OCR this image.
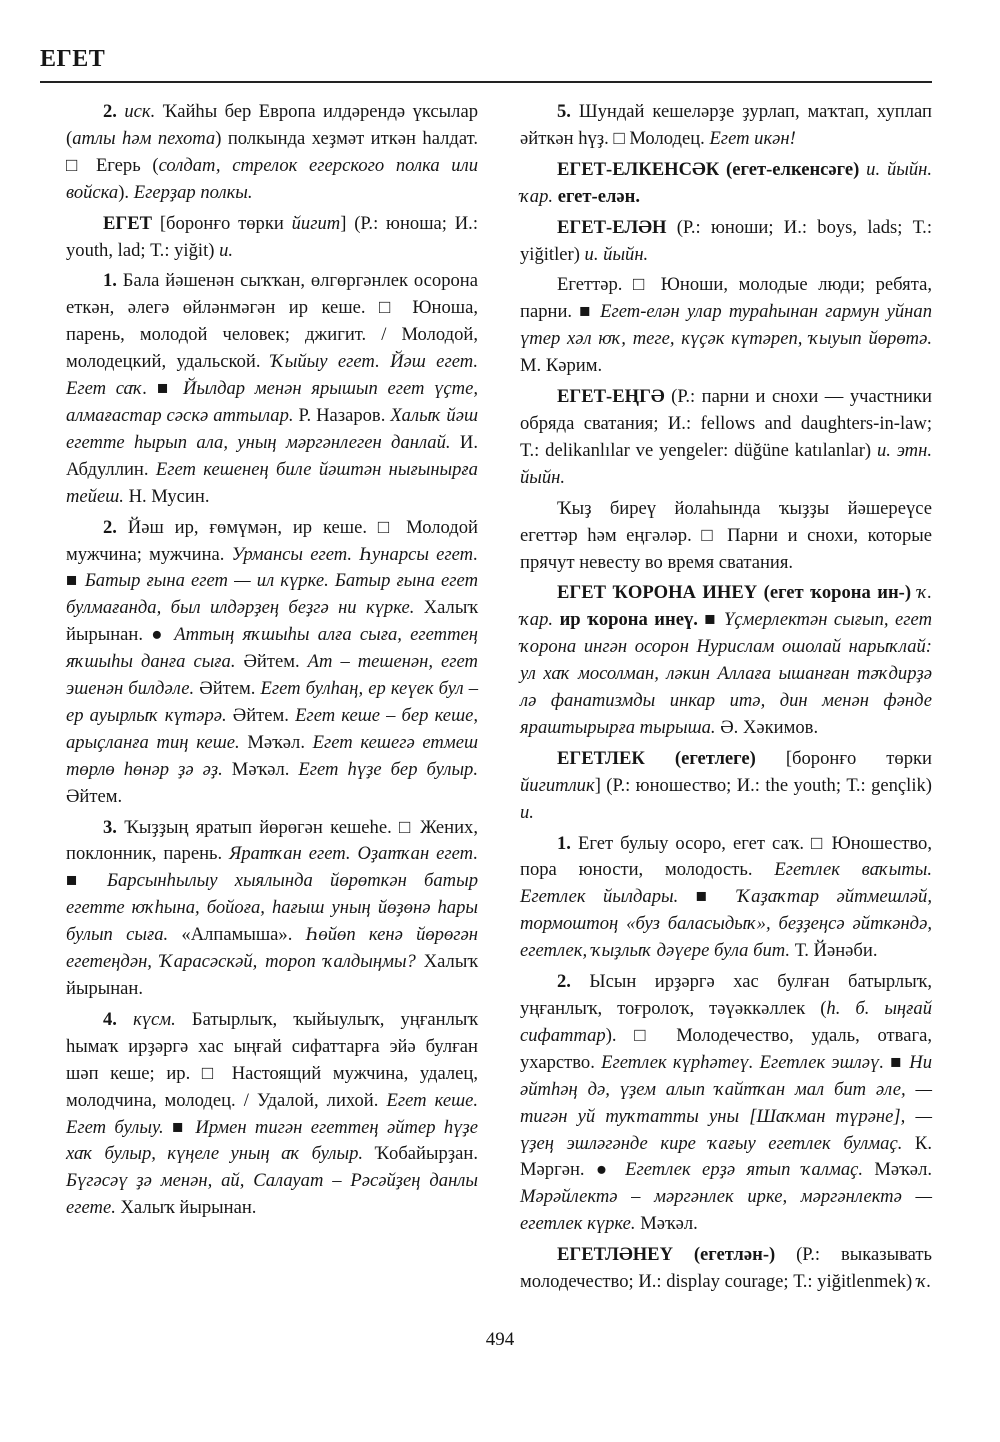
ЕГЕТ

2. иск. Ҡайһы бер Европа илдәрендә үксылар (атлы һәм пехота) полкында хеҙмәт иткән һалдат. □ Егерь (солдат, стрелок егерского полка или войска). Егерҙар полкы.

ЕГЕТ [боронғо төрки йигит] (Р.: юноша; И.: youth, lad; Т.: yiğit) и.

1. Бала йәшенән сыҡҡан, өлгөргәнлек осорона еткән, әлегә өйләнмәгән ир кеше. □ Юноша, парень, молодой человек; джигит. / Молодой, молодецкий, удальской. Ҡыйыу егет. Йәш егет. Егет саҡ. ■ Йылдар менән ярышып егет үҫте, алмағастар сәскә аттылар. Р. Назаров. Халыҡ йәш егетте һырып ала, уның мәргәнлеген данлай. И. Абдуллин. Егет кешенең биле йәштән нығынырға тейеш. Н. Мусин.

2. Йәш ир, ғөмүмән, ир кеше. □ Молодой мужчина; мужчина. Урмансы егет. Һунарсы егет. ■ Батыр ғына егет — ил күрке. Батыр ғына егет булмағанда, был илдәрҙең беҙгә ни күрке. Халыҡ йырынан. ● Аттың яҡшыһы алға сыға, егеттең яҡшыһы данға сыға. Әйтем. Ат – тешенән, егет эшенән билдәле. Әйтем. Егет булһаң, ер кеүек бул – ер ауырлыҡ күтәрә. Әйтем. Егет кеше – бер кеше, арыҫланға тиң кеше. Мәҡәл. Егет кешегә етмеш төрлө һөнәр ҙә әҙ. Мәҡәл. Егет һүҙе бер булыр. Әйтем.

3. Ҡыҙҙың яратып йөрөгән кешеһе. □ Жених, поклонник, парень. Яратҡан егет. Оҙатҡан егет. ■ Барсынһылыу хыялында йөрөткән батыр егетте юҡһына, бойоға, һағыш уның йөҙөнә һары булып сыға. «Алпамыша». Һөйөп кенә йөрөгән егетеңдән, Ҡарасәскәй, тороп ҡалдыңмы? Халыҡ йырынан.

4. күсм. Батырлыҡ, ҡыйыулыҡ, уңғанлыҡ һымаҡ ирҙәргә хас ыңғай сифаттарға эйә булған шәп кеше; ир. □ Настоящий мужчина, удалец, молодчина, молодец. / Удалой, лихой. Егет кеше. Егет булыу. ■ Ирмен тигән егеттең әйтер һүҙе хаҡ булыр, күңеле уның аҡ булыр. Ҡобайырҙан. Бүгәсәү ҙә менән, ай, Салауат – Рәсәйҙең данлы егете. Халыҡ йырынан.

5. Шундай кешеләрҙе ҙурлап, маҡтап, хуплап әйткән һүҙ. □ Молодец. Егет икән!

ЕГЕТ-ЕЛКЕНСӘК (егет-елкенсәге) и. йыйн. ҡар. егет-елән.

ЕГЕТ-ЕЛӘН (Р.: юноши; И.: boys, lads; Т.: yiğitler) и. йыйн.

Егеттәр. □ Юноши, молодые люди; ребята, парни. ■ Егет-елән улар тураһынан гармун уйнап үтер хәл юҡ, теге, күҫәк күтәреп, ҡыуып йөрөтә. М. Кәрим.

ЕГЕТ-ЕҢГӘ (Р.: парни и снохи — участники обряда сватания; И.: fellows and daughters-in-law; Т.: delikanlılar ve yengeler: düğüne katılanlar) и. этн. йыйн.

Ҡыҙ биреү йолаһында ҡыҙҙы йәшереүсе егеттәр һәм еңгәләр. □ Парни и снохи, которые прячут невесту во время сватания.

ЕГЕТ ҠОРОНА ИНЕҮ (егет ҡорона ин-) ҡ. ҡар. ир ҡорона инеү. ■ Үҫмерлектән сығып, егет ҡорона ингән осорон Нурислам ошолай нарыҡлай: ул хаҡ мосолман, ләкин Аллаға ышанған тәҡдирҙә лә фанатизмды инкар итә, дин менән фәнде яраштырырға тырыша. Ә. Хәкимов.

ЕГЕТЛЕК (егетлеге) [боронғо төрки йигитлик] (Р.: юношество; И.: the youth; Т.: gençlik) и.

1. Егет булыу осоро, егет саҡ. □ Юношество, пора юности, молодость. Егетлек ваҡыты. Егетлек йылдары. ■ Ҡаҙаҡтар әйтмешләй, тормоштоң «буз баласыдыҡ», беҙҙеңсә әйткәндә, егетлек, ҡыҙлыҡ дәүере була бит. Т. Йәнәби.

2. Ысын ирҙәргә хас булған батырлыҡ, уңғанлыҡ, тоғролоҡ, тәүәккәллек (һ. б. ыңғай сифаттар). □ Молодечество, удаль, отвага, ухарство. Егетлек күрһәтеү. Егетлек эшләү. ■ Ни әйтһәң дә, үҙем алып ҡайтҡан мал бит әле, — тигән уй туҡтатты уны [Шаҡман түрәне], — үҙең эшләгәнде кире ҡағыу егетлек булмаҫ. К. Мәргән. ● Егетлек ерҙә ятып ҡалмаҫ. Мәҡәл. Мәрәйлектә – мәргәнлек ирке, мәргәнлектә — егетлек күрке. Мәҡәл.

ЕГЕТЛӘНЕҮ (егетлән-) (Р.: выказывать молодечество; И.: display courage; Т.: yiğitlenmek) ҡ.

494
